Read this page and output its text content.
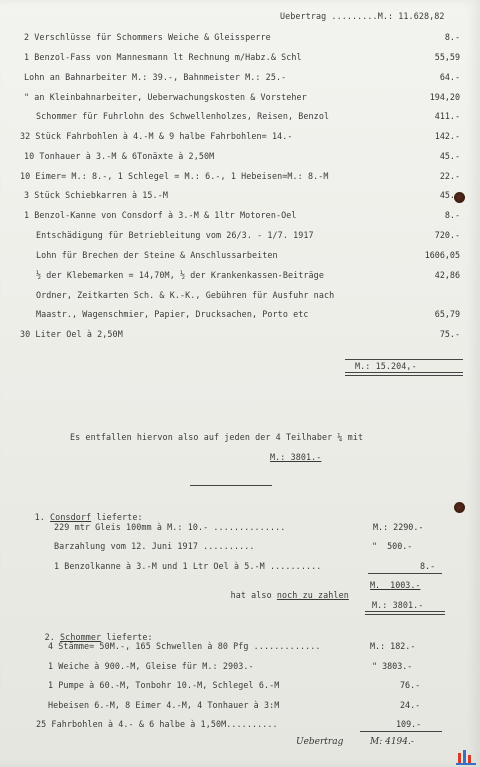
Uebertrag .........M.: 11.628,82
2 Verschlüsse für Schommers Weiche & Gleissperre	8.-
1 Benzol-Fass von Mannesmann lt Rechnung m/Habz.& Schl	55,59
Lohn an Bahnarbeiter M.: 39.-, Bahnmeister M.: 25.-	64.-
" an Kleinbahnarbeiter, Ueberwachungskosten & Vorsteher	194,20
Schommer für Fuhrlohn des Schwellenholzes, Reisen, Benzol	411.-
32 Stück Fahrbohlen à 4.-M & 9 halbe Fahrbohlen= 14.-	142.-
10 Tonhauer à 3.-M & 6Tonäxte à 2,50M	45.-
10 Eimer= M.: 8.-, 1 Schlegel = M.: 6.-, 1 Hebeisen=M.: 8.-M	22.-
3 Stück Schiebkarren à 15.-M	45.-
1 Benzol-Kanne von Consdorf à 3.-M & 1ltr Motoren-Oel	8.-
Entschädigung für Betriebleitung vom 26/3. - 1/7. 1917	720.-
Lohn für Brechen der Steine & Anschlussarbeiten	1606,05
½ der Klebemarken = 14,70M, ½ der Krankenkassen-Beiträge	42,86
Ordner, Zeitkarten Sch. & K.-K., Gebühren für Ausfuhr nach
Maastr., Wagenschmier, Papier, Drucksachen, Porto etc	65,79
30 Liter Oel à 2,50M	75.-
M.: 15.204,-
Es entfallen hiervon also auf jeden der 4 Teilhaber ¼ mit
M.: 3801.-

1. Consdorf lieferte:

229 mtr Gleis 100mm à M.: 10.- ..............	M.: 2290.-
Barzahlung vom 12. Juni 1917 ..........	"  500.-
1 Benzolkanne à 3.-M und 1 Ltr Oel à 5.-M ..........	8.-

hat also noch zu zahlen

M.  1003.-
M.: 3801.-

2. Schommer lieferte:

4 Stämme= 50M.-, 165 Schwellen à 80 Pfg .............	M.: 182.-
1 Weiche à 900.-M, Gleise für M.: 2903.-	" 3803.-
1 Pumpe à 60.-M, Tonbohr 10.-M, Schlegel 6.-M	76.-
Hebeisen 6.-M, 8 Eimer 4.-M, 4 Tonhauer à 3:M	24.-
25 Fahrbohlen à 4.- & 6 halbe à 1,50M..........	109.-
Uebertrag	M: 4194.-
